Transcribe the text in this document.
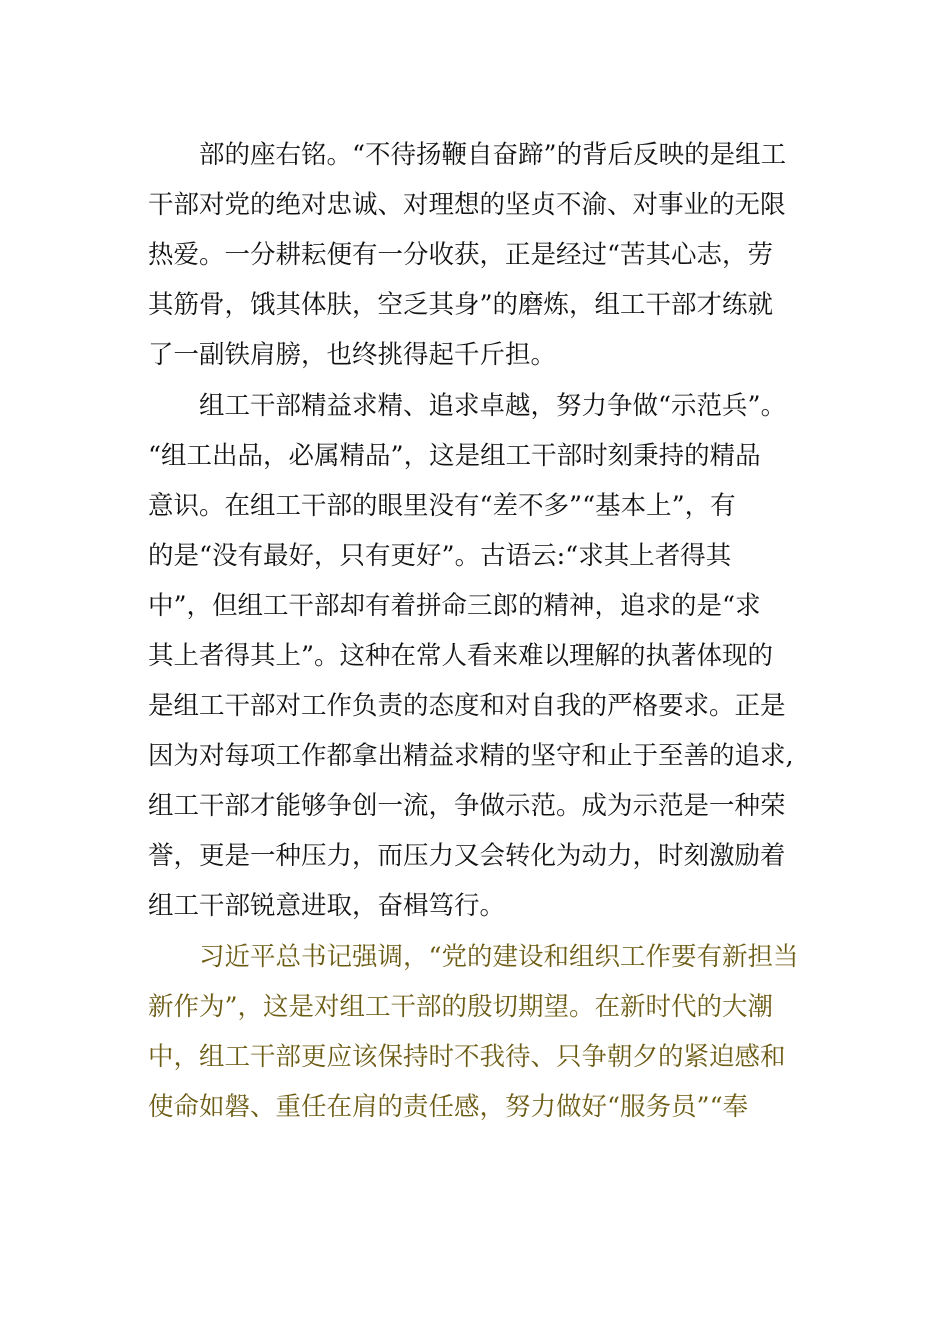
　　部的座右铭。“不待扬鞭自奋蹄”的背后反映的是组工
干部对党的绝对忠诚、对理想的坚贞不渝、对事业的无限
热爱。一分耕耘便有一分收获，正是经过“苦其心志，劳
其筋骨，饿其体肤，空乏其身”的磨炼，组工干部才练就
了一副铁肩膀，也终挑得起千斤担。
　　组工干部精益求精、追求卓越，努力争做“示范兵”。
“组工出品，必属精品”，这是组工干部时刻秉持的精品
意识。在组工干部的眼里没有“差不多”“基本上”，有
的是“没有最好，只有更好”。古语云:“求其上者得其
中”，但组工干部却有着拼命三郎的精神，追求的是“求
其上者得其上”。这种在常人看来难以理解的执著体现的
是组工干部对工作负责的态度和对自我的严格要求。正是
因为对每项工作都拿出精益求精的坚守和止于至善的追求,
组工干部才能够争创一流，争做示范。成为示范是一种荣
誉，更是一种压力，而压力又会转化为动力，时刻激励着
组工干部锐意进取，奋楫笃行。
　　习近平总书记强调，“党的建设和组织工作要有新担当
新作为”，这是对组工干部的殷切期望。在新时代的大潮
中，组工干部更应该保持时不我待、只争朝夕的紧迫感和
使命如磐、重任在肩的责任感，努力做好“服务员”“奉
